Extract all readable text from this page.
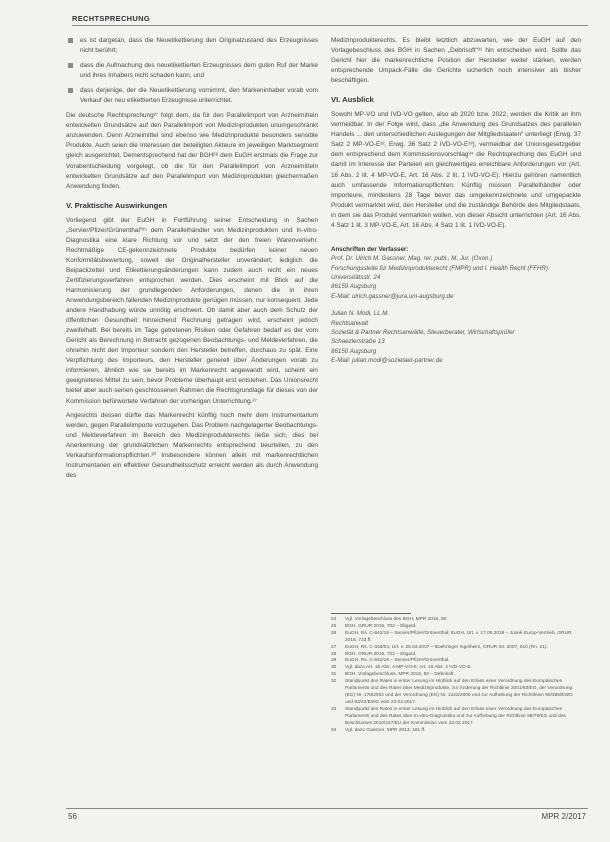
RECHTSPRECHUNG
es ist dargetan, dass die Neuetikettierung den Originalzustand des Erzeugnisses nicht berührt;
dass die Aufmachung des neuetikettierten Erzeugnisses dem guten Ruf der Marke und ihres Inhabers nicht schaden kann, und
dass derjenige, der die Neuetikettierung vornimmt, den Markeninhaber vorab vom Verkauf der neu etikettierten Erzeugnisse unterrichtet.

Die deutsche Rechtsprechung²⁷ folgt dem, da für den Parallelimport von Arzneimitteln entwickelten Grundsätze auf den Parallelimport von Medizinprodukten unumgeschränkt anzuwenden. Denn Arzneimittel sind ebenso wie Medizinprodukte besonders sensible Produkte. Auch seien die Interessen der beteiligten Akteure im jeweiligen Marktsegment gleich ausgerichtet. Dementsprechend hat der BGH²⁸ dem EuGH erstmals die Frage zur Vorabentscheidung vorgelegt, ob die für den Parallelimport von Arzneimitteln entwickelten Grundsätze auf den Parallelimport von Medizinprodukten gleichermaßen Anwendung finden.

V. Praktische Auswirkungen

Vorliegend gibt der EuGH in Fortführung seiner Entscheidung in Sachen „Servier/Pfizer/Grünenthal“²⁹ dem Parallelhändler von Medizinprodukten und In-vitro-Diagnostika eine klare Richtung vor und setzt der den freien Warenverkehr. Rechtmäßige CE-gekennzeichnete Produkte bedürfen keiner neuen Konformitätsbewertung, soweit der Originalhersteller unverändert; lediglich die Beipackzettel und Etikettierungsänderungen kann zudem auch nicht ein neues Zertifizierungsverfahren entsprochen werden. Dies erscheint mit Blick auf die Harmonisierung der grundlegenden Anforderungen, denen die in ihren Anwendungsbereich fallenden Medizinprodukte genügen müssen, nur konsequent. Jede andere Handhabung würde unnötig erschwert. Ob damit aber auch dem Schutz der öffentlichen Gesundheit hinreichend Rechnung getragen wird, erscheint jedoch zweifelhaft. Bei bereits im Tage getretenen Risiken oder Gefahren bedarf es der vom Gericht als Berechnung in Betracht gezogenen Beobachtungs- und Meldeverfahren, die ohnehin nicht den Importeur sondern den Hersteller betreffen, durchaus zu spät. Eine Verpflichtung des Importeurs, den Hersteller generell über Änderungen vorab zu informieren, ähnlich wie sie bereits im Markenrecht angewandt wird, scheint ein geeigneteres Mittel zu sein, bevor Probleme überhaupt erst entstehen. Das Unionsrecht bietet aber auch seinen geschlossenen Rahmen die Rechtsgrundlage für dieses von der Kommission befürwortete Verfahren der vorherigen Unterrichtung.²⁷

Angesichts dessen dürfte das Markenrecht künftig noch mehr dem Instrumentarium werden, gegen Parallelimporte vorzugehen. Das Problem nachgelagerter Beobachtungs- und Meldeverfahren im Bereich des Medizinprodukterechts ließe sich, dies bei Anerkennung der grundsätzlichen Markenrechts entsprechend beurteilen, zu den Verkaufsinformationspflichten.³⁰ Insbesondere können allein mit markenrechtlichen Instrumentarien ein effektiver Gesundheitsschutz erreicht werden als durch Anwendung des

Medizinprodukterechts. Es bleibt letztlich abzuwarten, wie der EuGH auf den Vorlagebeschluss des BGH in Sachen „Debrisoft“³¹ hin entscheiden wird. Sollte das Gericht hier die markenrechtliche Position der Hersteller weiter stärken, werden entsprechende Umpack-Fälle die Gerichte sicherlich noch intensiver als bisher beschäftigen.

VI. Ausblick

Sowohl MP-VO und IVD-VO gelten, also ab 2020 bzw. 2022, werden die Kritik an ihm vermeidbar. In der Folge wird, dass „die Anwendung des Grundsatzes des parallelen Handels ... den unterschiedlichen Auslegungen der Mitgliedstaaten“ unterliegt (Erwg. 37 Satz 2 MP-VO-E³², Erwg. 36 Satz 2 IVD-VO-E³³), vermeidbar der Unionsgesetzgeber dem entsprechend dem Kommissionsvorschlag³⁴ die Rechtsprechung des EuGH und damit im Interesse der Parteien ein gleichwertiges erreichbare Anforderungen vor (Art. 16 Abs. 2 lit. 4 MP-VO-E, Art. 16 Abs. 2 lit. 1 IVD-VO-E). Hierzu gehören namentlich auch umfassende Informationspflichten: Künftig müssen Parallelhändler oder Importeure, mindestens 28 Tage bevor das umgekennzeichnete und umgepackte Produkt vermarktet wird, den Hersteller und die zuständige Behörde des Mitgliedstaats, in dem sie das Produkt vermarkten wollen, von dieser Absicht unterrichten (Art. 16 Abs. 4 Satz 1 lit. 3 MP-VO-E, Art. 16 Abs. 4 Satz 1 lit. 1 IVD-VO-E).

Anschriften der Verfasser:
Prof. Dr. Ulrich M. Gassner, Mag. rer. publ., M. Jur. (Oxon.)
Forschungsstelle für Medizinprodukterecht (FMPR) und I. Health Recht (FFHR)
Universitätsstr. 24
86159 Augsburg
E-Mail: ulrich.gassner@jura.uni-augsburg.de
Julian N. Modi, LL.M.
Rechtsanwalt
Sozietät & Partner Rechtsanwälte, Steuerberater, Wirtschaftsprüfer
Schaezlerstraße 13
86150 Augsburg
E-Mail: julian.modi@sozietaet-partner.de
24	Vgl. Vorlagebeschluss des BGH, MPR 2016, 80.
25	BGH, GRUR 2016, 702 – Eligard.
26	EuGH, Rs. C-642/16 – Servier/Pfizer/Grünenthal; EuGH, Urt. v. 17.05.2018 – Junek Europ-Vertrieb, GRUR 2018, 733 ff.
27	EuGH, Rs. C-348/04, Urt. v. 26.04.2007 – Boehringer Ingelheim, GRUR Int. 2007, 610 (Rn. 21).
28	BGH, GRUR 2016, 702 – Eligard.
29	EuGH, Rs. C-642/16 – Servier/Pfizer/Grünenthal.
30	Vgl. dazu Art. 16 Abs. 4 MP-VO-E; Art. 16 Abs. 4 IVD-VO-E.
31	BGH, Vorlagebeschluss, MPR 2016, 80 – Debrisoft.
32	Standpunkt des Rates in erster Lesung im Hinblick auf den Erlass einer Verordnung des Europäischen Parlaments und des Rates über Medizinprodukte, zur Änderung der Richtlinie 2001/83/EG, der Verordnung (EG) Nr. 178/2002 und der Verordnung (EG) Nr. 1223/2009 und zur Aufhebung der Richtlinien 90/385/EWG und 93/42/EWG vom 23.02.2017.
33	Standpunkt des Rates in erster Lesung im Hinblick auf den Erlass einer Verordnung des Europäischen Parlaments und des Rates über In-vitro-Diagnostika und zur Aufhebung der Richtlinie 98/79/EG und des Beschlusses 2010/227/EU der Kommission vom 23.02.2017.
34	Vgl. dazu Gassner, MPR 2013, 181 ff.
56	MPR 2/2017
